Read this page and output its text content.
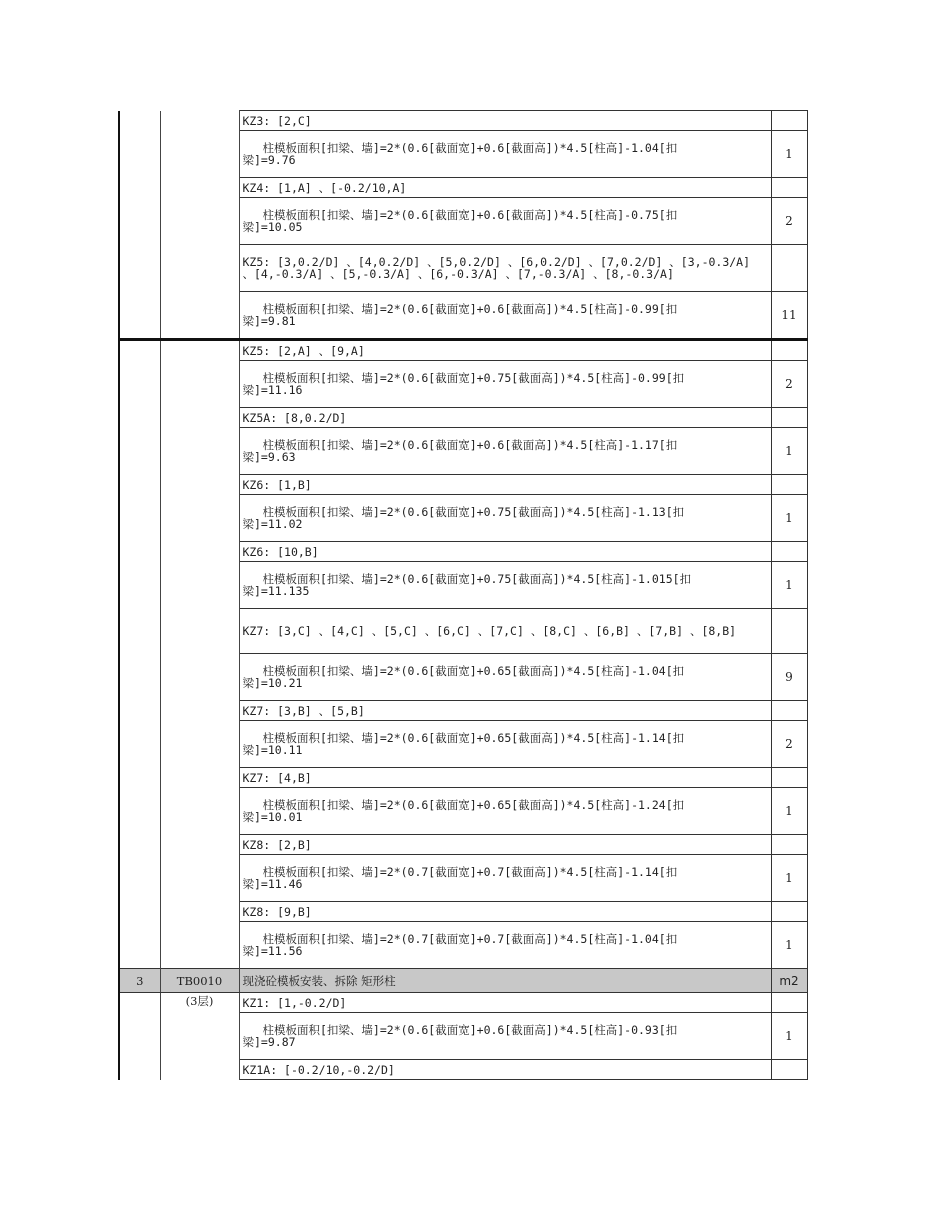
		KZ3: [2,C]	

		柱模板面积[扣梁、墙]=2*(0.6[截面宽]+0.6[截面高])*4.5[柱高]-1.04[扣
梁]=9.76	1
		KZ4: [1,A] 、[-0.2/10,A]	

		柱模板面积[扣梁、墙]=2*(0.6[截面宽]+0.6[截面高])*4.5[柱高]-0.75[扣
梁]=10.05	2

		KZ5: [3,0.2/D] 、[4,0.2/D] 、[5,0.2/D] 、[6,0.2/D] 、[7,0.2/D] 、[3,-0.3/A]
、[4,-0.3/A] 、[5,-0.3/A] 、[6,-0.3/A] 、[7,-0.3/A] 、[8,-0.3/A]	

		柱模板面积[扣梁、墙]=2*(0.6[截面宽]+0.6[截面高])*4.5[柱高]-0.99[扣
梁]=9.81	11
		KZ5: [2,A] 、[9,A]	

		柱模板面积[扣梁、墙]=2*(0.6[截面宽]+0.75[截面高])*4.5[柱高]-0.99[扣
梁]=11.16	2
		KZ5A: [8,0.2/D]	

		柱模板面积[扣梁、墙]=2*(0.6[截面宽]+0.6[截面高])*4.5[柱高]-1.17[扣
梁]=9.63	1
		KZ6: [1,B]	

		柱模板面积[扣梁、墙]=2*(0.6[截面宽]+0.75[截面高])*4.5[柱高]-1.13[扣
梁]=11.02	1
		KZ6: [10,B]	

		柱模板面积[扣梁、墙]=2*(0.6[截面宽]+0.75[截面高])*4.5[柱高]-1.015[扣
梁]=11.135	1
		KZ7: [3,C] 、[4,C] 、[5,C] 、[6,C] 、[7,C] 、[8,C] 、[6,B] 、[7,B] 、[8,B]	

		柱模板面积[扣梁、墙]=2*(0.6[截面宽]+0.65[截面高])*4.5[柱高]-1.04[扣
梁]=10.21	9
		KZ7: [3,B] 、[5,B]	

		柱模板面积[扣梁、墙]=2*(0.6[截面宽]+0.65[截面高])*4.5[柱高]-1.14[扣
梁]=10.11	2
		KZ7: [4,B]	

		柱模板面积[扣梁、墙]=2*(0.6[截面宽]+0.65[截面高])*4.5[柱高]-1.24[扣
梁]=10.01	1
		KZ8: [2,B]	

		柱模板面积[扣梁、墙]=2*(0.7[截面宽]+0.7[截面高])*4.5[柱高]-1.14[扣
梁]=11.46	1
		KZ8: [9,B]	

		柱模板面积[扣梁、墙]=2*(0.7[截面宽]+0.7[截面高])*4.5[柱高]-1.04[扣
梁]=11.56	1
3	TB0010	现浇砼模板安装、拆除 矩形柱	m2
	(3层)	KZ1: [1,-0.2/D]	

		柱模板面积[扣梁、墙]=2*(0.6[截面宽]+0.6[截面高])*4.5[柱高]-0.93[扣
梁]=9.87	1
		KZ1A: [-0.2/10,-0.2/D]	
